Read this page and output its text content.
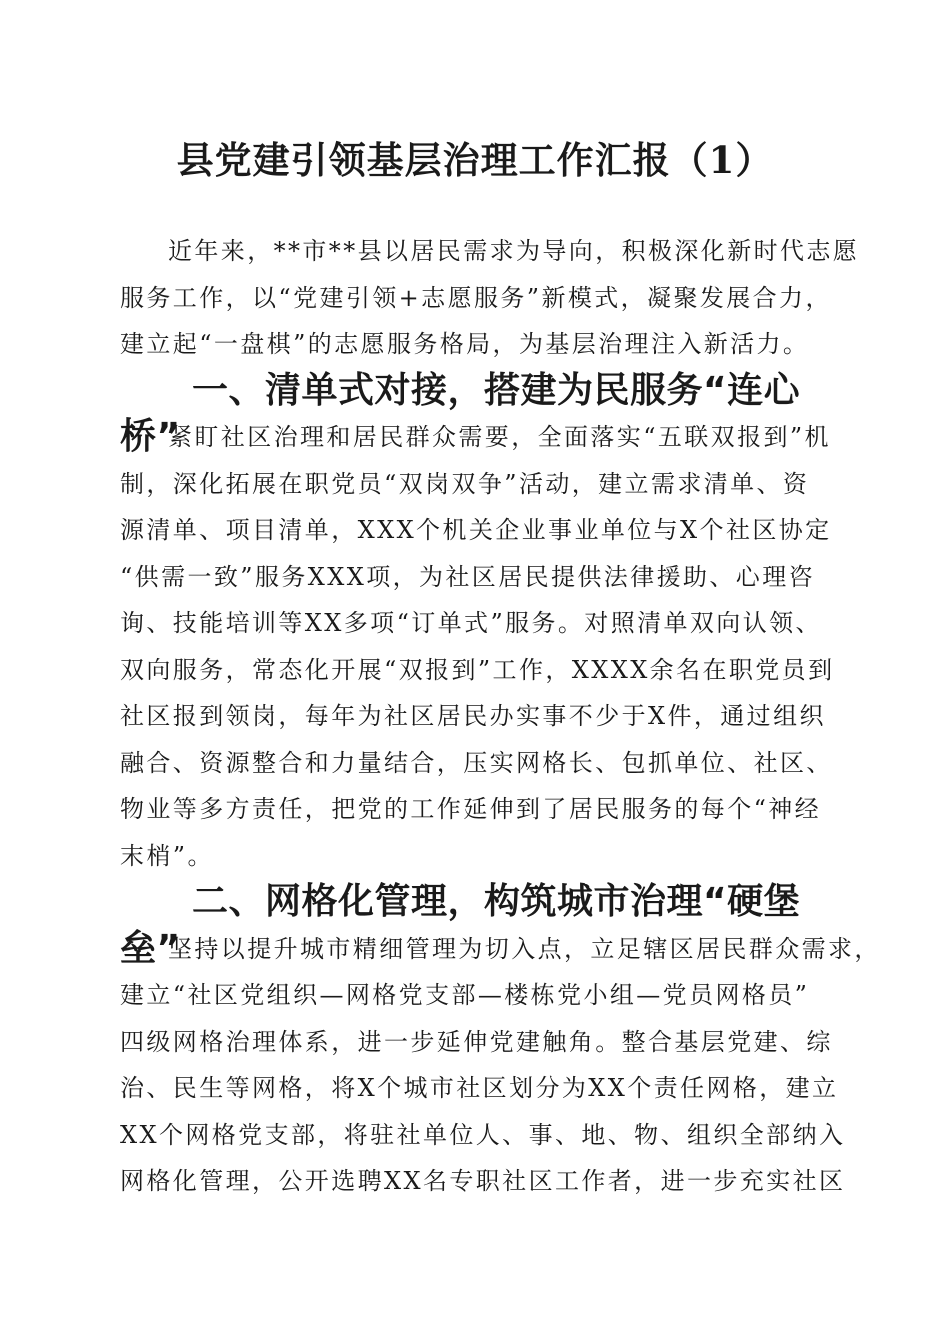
县党建引领基层治理工作汇报（1）

近年来，**市**县以居民需求为导向，积极深化新时代志愿
服务工作，以“党建引领+志愿服务”新模式，凝聚发展合力，
建立起“一盘棋”的志愿服务格局，为基层治理注入新活力。

一、清单式对接，搭建为民服务“连心桥”

紧盯社区治理和居民群众需要，全面落实“五联双报到”机
制，深化拓展在职党员“双岗双争”活动，建立需求清单、资
源清单、项目清单，XXX个机关企业事业单位与X个社区协定
“供需一致”服务XXX项，为社区居民提供法律援助、心理咨
询、技能培训等XX多项“订单式”服务。对照清单双向认领、
双向服务，常态化开展“双报到”工作，XXXX余名在职党员到
社区报到领岗，每年为社区居民办实事不少于X件，通过组织
融合、资源整合和力量结合，压实网格长、包抓单位、社区、
物业等多方责任，把党的工作延伸到了居民服务的每个“神经
末梢”。

二、网格化管理，构筑城市治理“硬堡垒”

坚持以提升城市精细管理为切入点，立足辖区居民群众需求，
建立“社区党组织—网格党支部—楼栋党小组—党员网格员”
四级网格治理体系，进一步延伸党建触角。整合基层党建、综
治、民生等网格，将X个城市社区划分为XX个责任网格，建立
XX个网格党支部，将驻社单位人、事、地、物、组织全部纳入
网格化管理，公开选聘XX名专职社区工作者，进一步充实社区
